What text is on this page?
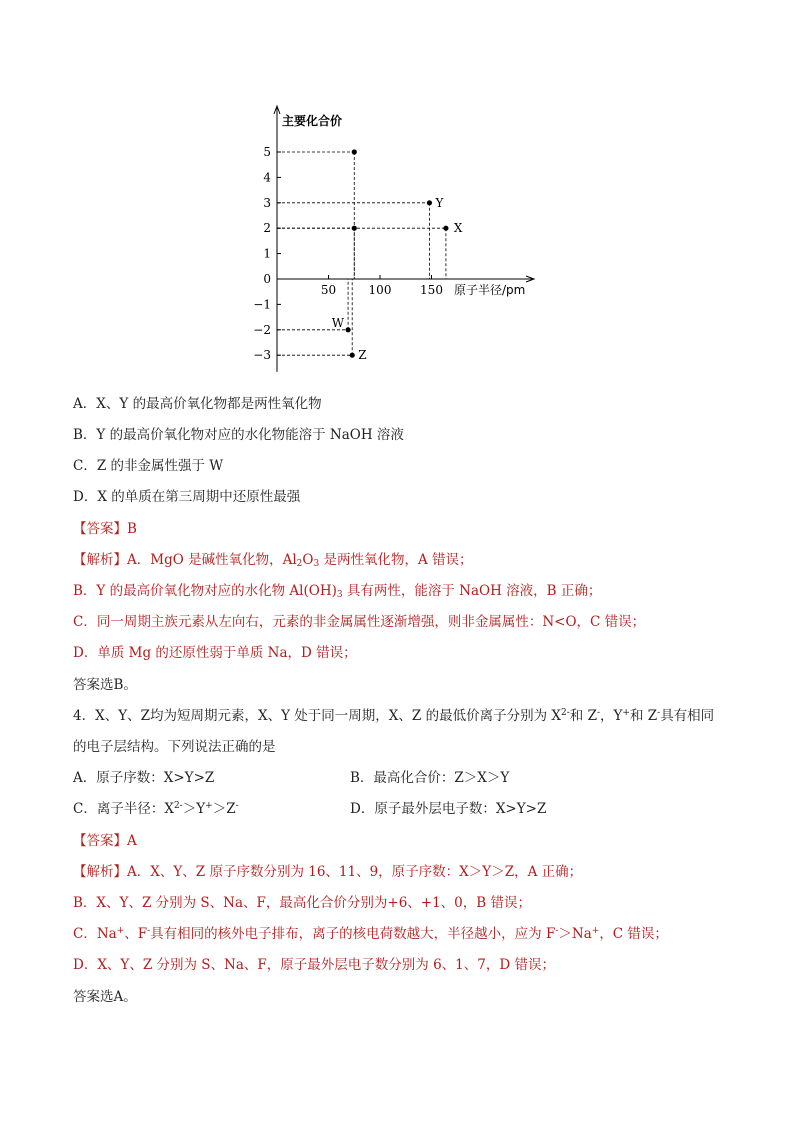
5
4
3
2
1
0
−1
−2
−3
50	100 150
Z
W
Y
X
主要化合价
原子半径/pm
A．X、Y 的最高价氧化物都是两性氧化物
B．Y 的最高价氧化物对应的水化物能溶于 NaOH 溶液
C．Z 的非金属性强于 W
D．X 的单质在第三周期中还原性最强
【答案】B
【解析】A．MgO 是碱性氧化物，$Al_2O_3$ 是两性氧化物，A 错误；
B．Y 的最高价氧化物对应的水化物 $Al(OH)_3$ 具有两性，能溶于 NaOH 溶液，B 正确；
C．同一周期主族元素从左向右，元素的非金属属性逐渐增强，则非金属属性：N<O，C 错误；
D．单质 Mg 的还原性弱于单质 Na，D 错误；
答案选B。
4．X、Y、Z均为短周期元素，X、Y 处于同一周期，X、Z 的最低价离子分别为 $X^{2-}$和 Z-，Y+和 Z-具有相同
的电子层结构。下列说法正确的是
A．原子序数：X>Y>Z	B．最高化合价：Z＞X＞Y
C．离子半径：$X^{2-}>Y^+>Z^-$	D．原子最外层电子数：X>Y>Z
【答案】A
【解析】A．X、Y、Z 原子序数分别为 16、11、9，原子序数：X＞Y＞Z，A 正确；
B．X、Y、Z 分别为 S、Na、F，最高化合价分别为+6、+1、0，B 错误；
C．Na+、F-具有相同的核外电子排布，离子的核电荷数越大，半径越小，应为 F-＞Na+，C 错误；
D．X、Y、Z 分别为 S、Na、F，原子最外层电子数分别为 6、1、7，D 错误；
答案选A。
